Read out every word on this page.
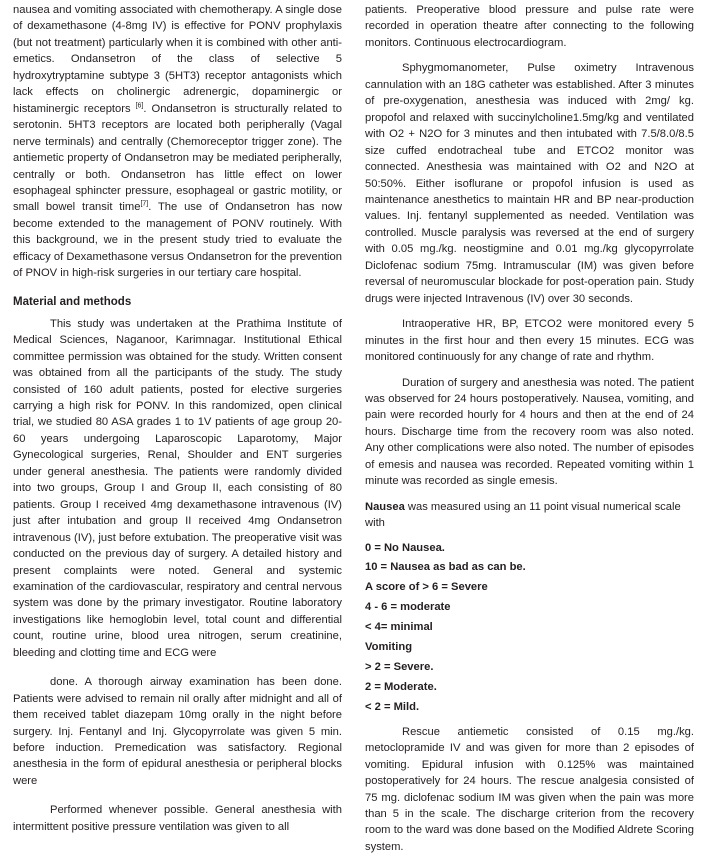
nausea and vomiting associated with chemotherapy. A single dose of dexamethasone (4-8mg IV) is effective for PONV prophylaxis (but not treatment) particularly when it is combined with other anti-emetics. Ondansetron of the class of selective 5 hydroxytryptamine subtype 3 (5HT3) receptor antagonists which lack effects on cholinergic adrenergic, dopaminergic or histaminergic receptors [6]. Ondansetron is structurally related to serotonin. 5HT3 receptors are located both peripherally (Vagal nerve terminals) and centrally (Chemoreceptor trigger zone). The antiemetic property of Ondansetron may be mediated peripherally, centrally or both. Ondansetron has little effect on lower esophageal sphincter pressure, esophageal or gastric motility, or small bowel transit time[7]. The use of Ondansetron has now become extended to the management of PONV routinely. With this background, we in the present study tried to evaluate the efficacy of Dexamethasone versus Ondansetron for the prevention of PNOV in high-risk surgeries in our tertiary care hospital.

Material and methods

This study was undertaken at the Prathima Institute of Medical Sciences, Naganoor, Karimnagar. Institutional Ethical committee permission was obtained for the study. Written consent was obtained from all the participants of the study. The study consisted of 160 adult patients, posted for elective surgeries carrying a high risk for PONV. In this randomized, open clinical trial, we studied 80 ASA grades 1 to 1V patients of age group 20-60 years undergoing Laparoscopic Laparotomy, Major Gynecological surgeries, Renal, Shoulder and ENT surgeries under general anesthesia. The patients were randomly divided into two groups, Group I and Group II, each consisting of 80 patients. Group I received 4mg dexamethasone intravenous (IV) just after intubation and group II received 4mg Ondansetron intravenous (IV), just before extubation. The preoperative visit was conducted on the previous day of surgery. A detailed history and present complaints were noted. General and systemic examination of the cardiovascular, respiratory and central nervous system was done by the primary investigator. Routine laboratory investigations like hemoglobin level, total count and differential count, routine urine, blood urea nitrogen, serum creatinine, bleeding and clotting time and ECG were

done. A thorough airway examination has been done. Patients were advised to remain nil orally after midnight and all of them received tablet diazepam 10mg orally in the night before surgery. Inj. Fentanyl and Inj. Glycopyrrolate was given 5 min. before induction. Premedication was satisfactory. Regional anesthesia in the form of epidural anesthesia or peripheral blocks were

Performed whenever possible. General anesthesia with intermittent positive pressure ventilation was given to all

patients. Preoperative blood pressure and pulse rate were recorded in operation theatre after connecting to the following monitors. Continuous electrocardiogram.

Sphygmomanometer, Pulse oximetry Intravenous cannulation with an 18G catheter was established. After 3 minutes of pre-oxygenation, anesthesia was induced with 2mg/ kg. propofol and relaxed with succinylcholine1.5mg/kg and ventilated with O2 + N2O for 3 minutes and then intubated with 7.5/8.0/8.5 size cuffed endotracheal tube and ETCO2 monitor was connected. Anesthesia was maintained with O2 and N2O at 50:50%. Either isoflurane or propofol infusion is used as maintenance anesthetics to maintain HR and BP near-production values. Inj. fentanyl supplemented as needed. Ventilation was controlled. Muscle paralysis was reversed at the end of surgery with 0.05 mg./kg. neostigmine and 0.01 mg./kg glycopyrrolate Diclofenac sodium 75mg. Intramuscular (IM) was given before reversal of neuromuscular blockade for post-operation pain. Study drugs were injected Intravenous (IV) over 30 seconds.

Intraoperative HR, BP, ETCO2 were monitored every 5 minutes in the first hour and then every 15 minutes. ECG was monitored continuously for any change of rate and rhythm.

Duration of surgery and anesthesia was noted. The patient was observed for 24 hours postoperatively. Nausea, vomiting, and pain were recorded hourly for 4 hours and then at the end of 24 hours. Discharge time from the recovery room was also noted. Any other complications were also noted. The number of episodes of emesis and nausea was recorded. Repeated vomiting within 1 minute was recorded as single emesis.

Nausea was measured using an 11 point visual numerical scale with

0 = No Nausea.
10 = Nausea as bad as can be.
A score of > 6 = Severe
4 - 6 = moderate
< 4= minimal
Vomiting
> 2 = Severe.
2 = Moderate.
< 2 = Mild.

Rescue antiemetic consisted of 0.15 mg./kg. metoclopramide IV and was given for more than 2 episodes of vomiting. Epidural infusion with 0.125% was maintained postoperatively for 24 hours. The rescue analgesia consisted of 75 mg. diclofenac sodium IM was given when the pain was more than 5 in the scale. The discharge criterion from the recovery room to the ward was done based on the Modified Aldrete Scoring system.
